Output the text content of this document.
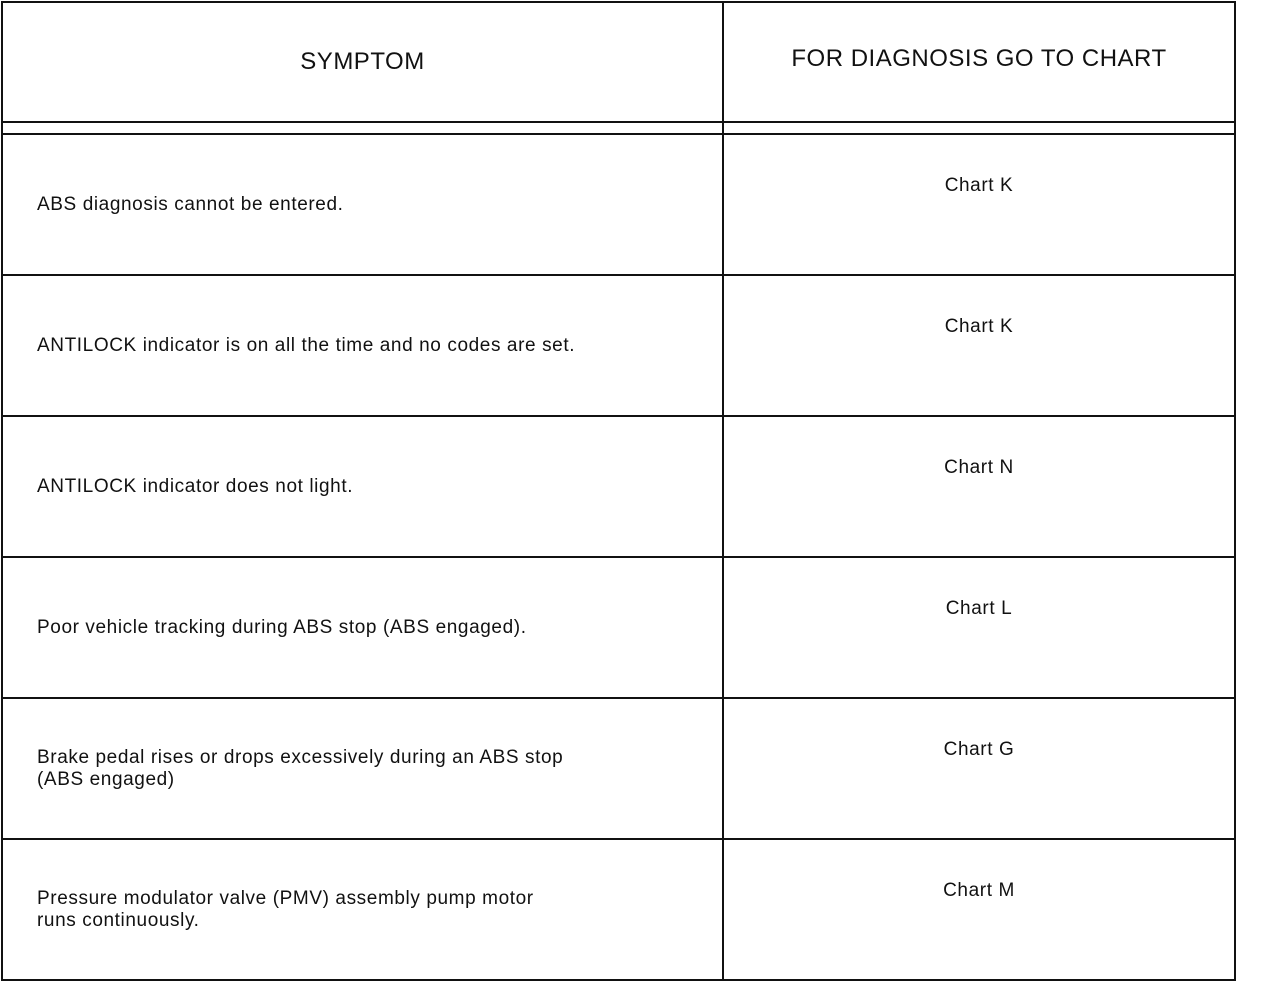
SYMPTOM	FOR DIAGNOSIS GO TO CHART

ABS diagnosis cannot be entered.	Chart K

ANTILOCK indicator is on all the time and no codes are set.	Chart K

ANTILOCK indicator does not light.	Chart N

Poor vehicle tracking during ABS stop (ABS engaged).	Chart L

Brake pedal rises or drops excessively during an ABS stop
(ABS engaged)	Chart G

Pressure modulator valve (PMV) assembly pump motor
runs continuously.	Chart M
